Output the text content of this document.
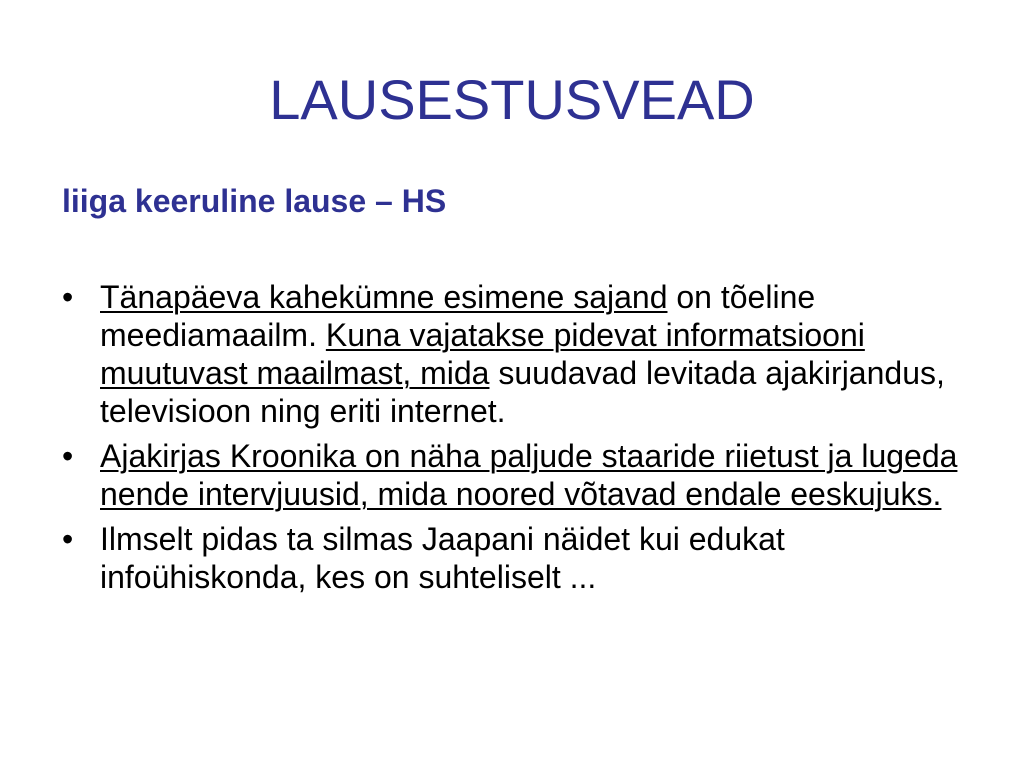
LAUSESTUSVEAD

liiga keeruline lause – HS

• Tänapäeva kahekümne esimene sajand on tõeline meediamaailm. Kuna vajatakse pidevat informatsiooni muutuvast maailmast, mida suudavad levitada ajakirjandus, televisioon ning eriti internet.
• Ajakirjas Kroonika on näha paljude staaride riietust ja lugeda nende intervjuusid, mida noored võtavad endale eeskujuks.
• Ilmselt pidas ta silmas Jaapani näidet kui edukat infoühiskonda, kes on suhteliselt ...
